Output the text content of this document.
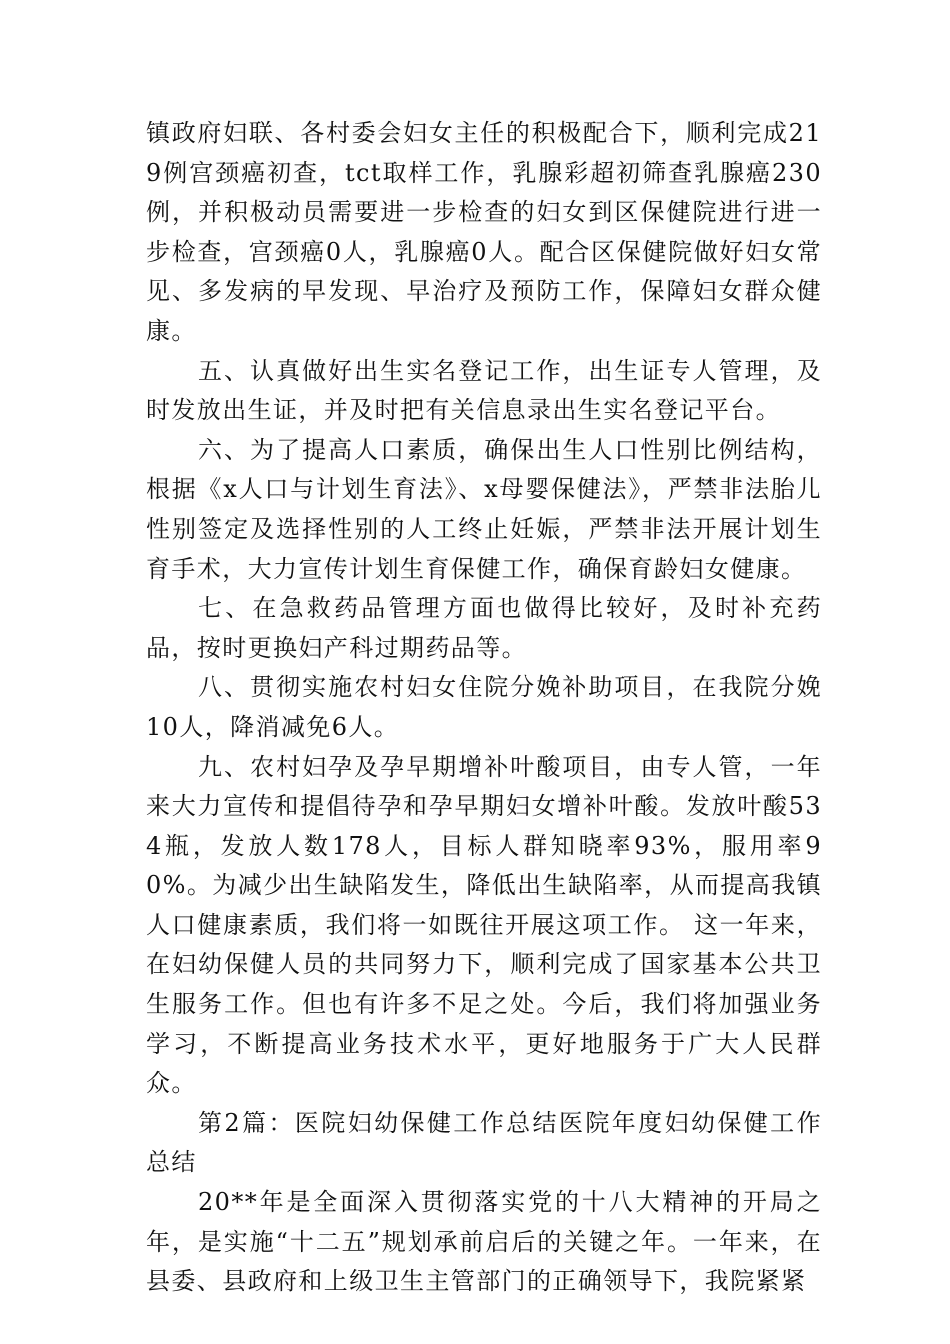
镇政府妇联、各村委会妇女主任的积极配合下，顺利完成219例宫颈癌初查，tct取样工作，乳腺彩超初筛查乳腺癌230例，并积极动员需要进一步检查的妇女到区保健院进行进一步检查，宫颈癌0人，乳腺癌0人。配合区保健院做好妇女常见、多发病的早发现、早治疗及预防工作，保障妇女群众健康。

五、认真做好出生实名登记工作，出生证专人管理，及时发放出生证，并及时把有关信息录出生实名登记平台。

六、为了提高人口素质，确保出生人口性别比例结构，根据《x人口与计划生育法》、x母婴保健法》，严禁非法胎儿性别签定及选择性别的人工终止妊娠，严禁非法开展计划生育手术，大力宣传计划生育保健工作，确保育龄妇女健康。

七、在急救药品管理方面也做得比较好，及时补充药品，按时更换妇产科过期药品等。

八、贯彻实施农村妇女住院分娩补助项目，在我院分娩10人，降消减免6人。

九、农村妇孕及孕早期增补叶酸项目，由专人管，一年来大力宣传和提倡待孕和孕早期妇女增补叶酸。发放叶酸534瓶，发放人数178人，目标人群知晓率93%，服用率90%。为减少出生缺陷发生，降低出生缺陷率，从而提高我镇人口健康素质，我们将一如既往开展这项工作。 这一年来，在妇幼保健人员的共同努力下，顺利完成了国家基本公共卫生服务工作。但也有许多不足之处。今后，我们将加强业务学习，不断提高业务技术水平，更好地服务于广大人民群众。

第2篇：医院妇幼保健工作总结医院年度妇幼保健工作总结

20**年是全面深入贯彻落实党的十八大精神的开局之年，是实施“十二五”规划承前启后的关键之年。一年来，在县委、县政府和上级卫生主管部门的正确领导下，我院紧紧
